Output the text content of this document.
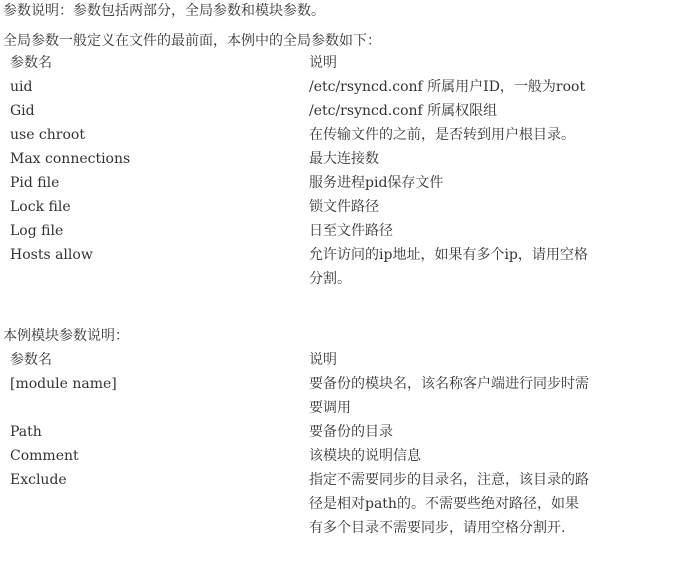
参数说明：参数包括两部分，全局参数和模块参数。
全局参数一般定义在文件的最前面，本例中的全局参数如下：
参数名	说明
uid	/etc/rsyncd.conf 所属用户ID，一般为root
Gid	/etc/rsyncd.conf 所属权限组
use chroot	在传输文件的之前，是否转到用户根目录。
Max connections	最大连接数
Pid file	服务进程pid保存文件
Lock file	锁文件路径
Log file	日至文件路径
Hosts allow	允许访问的ip地址，如果有多个ip，请用空格分割。
本例模块参数说明：
参数名	说明
[module name]	要备份的模块名，该名称客户端进行同步时需要调用
Path	要备份的目录
Comment	该模块的说明信息
Exclude	指定不需要同步的目录名，注意，该目录的路径是相对path的。不需要些绝对路径，如果有多个目录不需要同步，请用空格分割开.
